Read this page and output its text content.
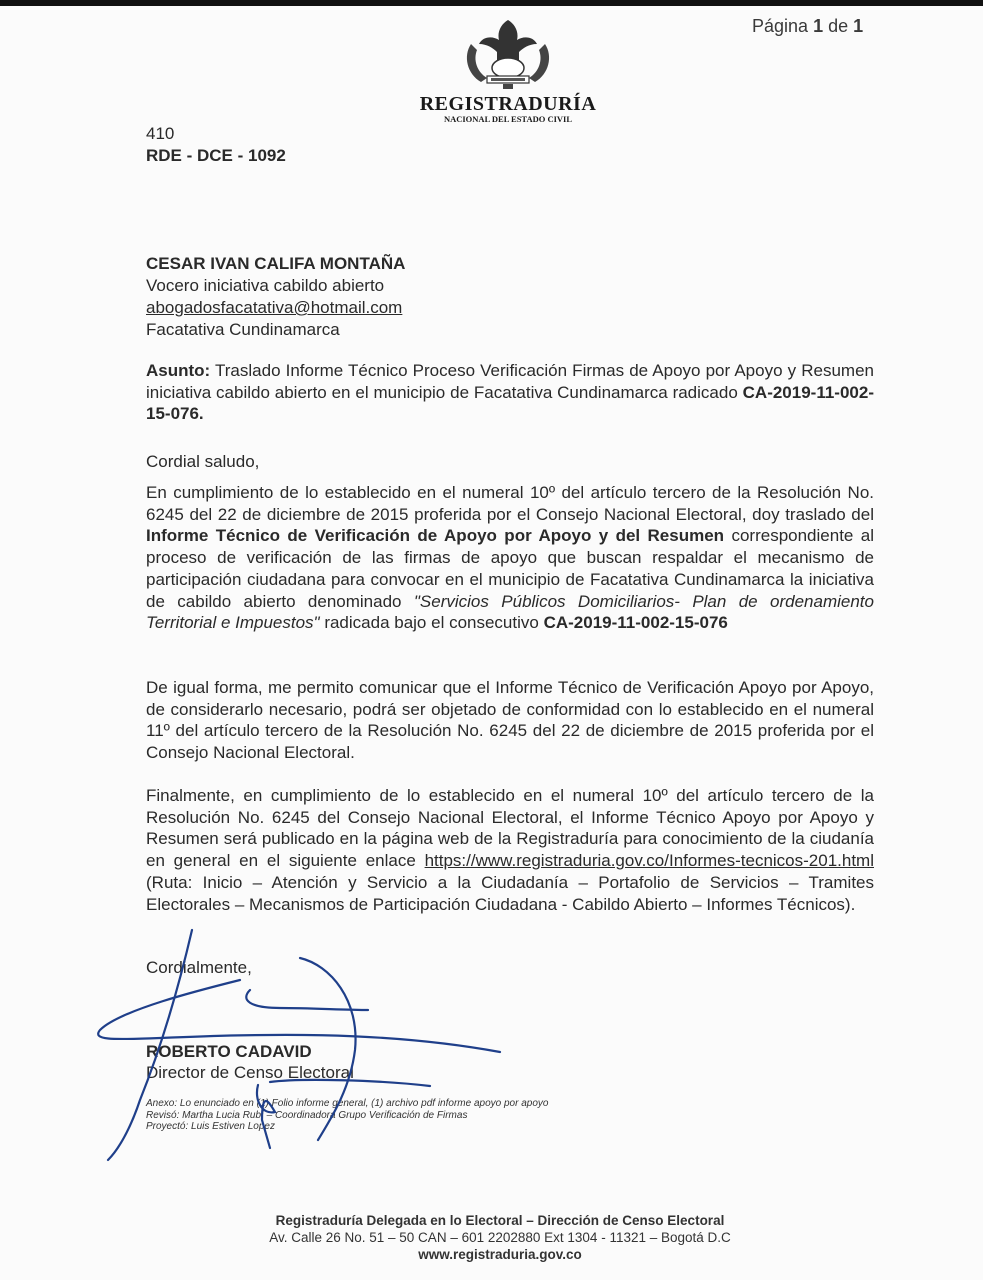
Página 1 de 1
REGISTRADURÍA
NACIONAL DEL ESTADO CIVIL
410
RDE - DCE - 1092
CESAR IVAN CALIFA MONTAÑA
Vocero iniciativa cabildo abierto
abogadosfacatativa@hotmail.com
Facatativa Cundinamarca
Asunto: Traslado Informe Técnico Proceso Verificación Firmas de Apoyo por Apoyo y Resumen iniciativa cabildo abierto en el municipio de Facatativa Cundinamarca radicado CA-2019-11-002-15-076.
Cordial saludo,
En cumplimiento de lo establecido en el numeral 10º del artículo tercero de la Resolución No. 6245 del 22 de diciembre de 2015 proferida por el Consejo Nacional Electoral, doy traslado del Informe Técnico de Verificación de Apoyo por Apoyo y del Resumen correspondiente al proceso de verificación de las firmas de apoyo que buscan respaldar el mecanismo de participación ciudadana para convocar en el municipio de Facatativa Cundinamarca la iniciativa de cabildo abierto denominado "Servicios Públicos Domiciliarios- Plan de ordenamiento Territorial e Impuestos" radicada bajo el consecutivo CA-2019-11-002-15-076
De igual forma, me permito comunicar que el Informe Técnico de Verificación Apoyo por Apoyo, de considerarlo necesario, podrá ser objetado de conformidad con lo establecido en el numeral 11º del artículo tercero de la Resolución No. 6245 del 22 de diciembre de 2015 proferida por el Consejo Nacional Electoral.
Finalmente, en cumplimiento de lo establecido en el numeral 10º del artículo tercero de la Resolución No. 6245 del Consejo Nacional Electoral, el Informe Técnico Apoyo por Apoyo y Resumen será publicado en la página web de la Registraduría para conocimiento de la ciudanía en general en el siguiente enlace https://www.registraduria.gov.co/Informes-tecnicos-201.html (Ruta: Inicio – Atención y Servicio a la Ciudadanía – Portafolio de Servicios – Tramites Electorales – Mecanismos de Participación Ciudadana - Cabildo Abierto – Informes Técnicos).
Cordialmente,
ROBERTO CADAVID
Director de Censo Electoral
Anexo: Lo enunciado en (1) Folio informe general, (1) archivo pdf informe apoyo por apoyo
Revisó: Martha Lucia Rubí – Coordinadora Grupo Verificación de Firmas
Proyectó: Luis Estiven Lopez
Registraduría Delegada en lo Electoral – Dirección de Censo Electoral
Av. Calle 26 No. 51 – 50 CAN – 601 2202880 Ext 1304 - 11321 – Bogotá D.C
www.registraduria.gov.co
